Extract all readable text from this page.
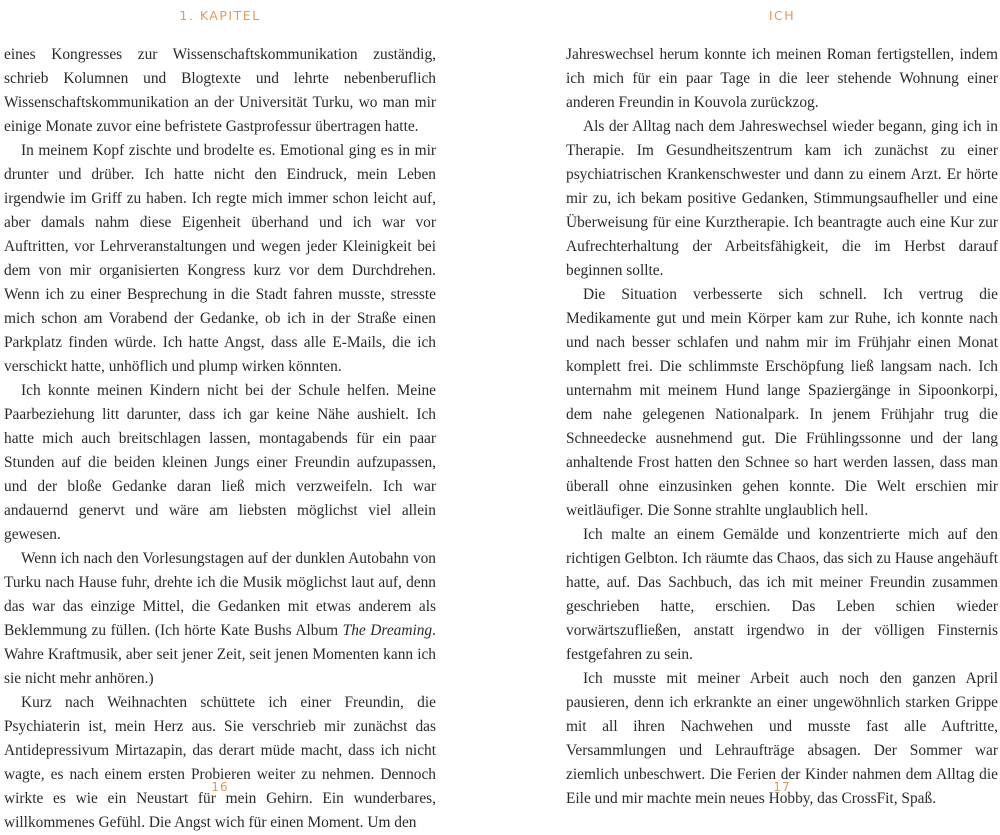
1. KAPITEL

eines Kongresses zur Wissenschaftskommunikation zuständig, schrieb Kolumnen und Blogtexte und lehrte nebenberuflich Wissenschaftskommunikation an der Universität Turku, wo man mir einige Monate zuvor eine befristete Gastprofessur übertragen hatte.

In meinem Kopf zischte und brodelte es. Emotional ging es in mir drunter und drüber. Ich hatte nicht den Eindruck, mein Leben irgendwie im Griff zu haben. Ich regte mich immer schon leicht auf, aber damals nahm diese Eigenheit überhand und ich war vor Auftritten, vor Lehrveranstaltungen und wegen jeder Kleinigkeit bei dem von mir organisierten Kongress kurz vor dem Durchdrehen. Wenn ich zu einer Besprechung in die Stadt fahren musste, stresste mich schon am Vorabend der Gedanke, ob ich in der Straße einen Parkplatz finden würde. Ich hatte Angst, dass alle E-Mails, die ich verschickt hatte, unhöflich und plump wirken könnten.

Ich konnte meinen Kindern nicht bei der Schule helfen. Meine Paarbeziehung litt darunter, dass ich gar keine Nähe aushielt. Ich hatte mich auch breitschlagen lassen, montagabends für ein paar Stunden auf die beiden kleinen Jungs einer Freundin aufzupassen, und der bloße Gedanke daran ließ mich verzweifeln. Ich war andauernd genervt und wäre am liebsten möglichst viel allein gewesen.

Wenn ich nach den Vorlesungstagen auf der dunklen Autobahn von Turku nach Hause fuhr, drehte ich die Musik möglichst laut auf, denn das war das einzige Mittel, die Gedanken mit etwas anderem als Beklemmung zu füllen. (Ich hörte Kate Bushs Album The Dreaming. Wahre Kraftmusik, aber seit jener Zeit, seit jenen Momenten kann ich sie nicht mehr anhören.)

Kurz nach Weihnachten schüttete ich einer Freundin, die Psychiaterin ist, mein Herz aus. Sie verschrieb mir zunächst das Antidepressivum Mirtazapin, das derart müde macht, dass ich nicht wagte, es nach einem ersten Probieren weiter zu nehmen. Dennoch wirkte es wie ein Neustart für mein Gehirn. Ein wunderbares, willkommenes Gefühl. Die Angst wich für einen Moment. Um den

16
ICH

Jahreswechsel herum konnte ich meinen Roman fertigstellen, indem ich mich für ein paar Tage in die leer stehende Wohnung einer anderen Freundin in Kouvola zurückzog.

Als der Alltag nach dem Jahreswechsel wieder begann, ging ich in Therapie. Im Gesundheitszentrum kam ich zunächst zu einer psychiatrischen Krankenschwester und dann zu einem Arzt. Er hörte mir zu, ich bekam positive Gedanken, Stimmungsaufheller und eine Überweisung für eine Kurztherapie. Ich beantragte auch eine Kur zur Aufrechterhaltung der Arbeitsfähigkeit, die im Herbst darauf beginnen sollte.

Die Situation verbesserte sich schnell. Ich vertrug die Medikamente gut und mein Körper kam zur Ruhe, ich konnte nach und nach besser schlafen und nahm mir im Frühjahr einen Monat komplett frei. Die schlimmste Erschöpfung ließ langsam nach. Ich unternahm mit meinem Hund lange Spaziergänge in Sipoonkorpi, dem nahe gelegenen Nationalpark. In jenem Frühjahr trug die Schneedecke ausnehmend gut. Die Frühlingssonne und der lang anhaltende Frost hatten den Schnee so hart werden lassen, dass man überall ohne einzusinken gehen konnte. Die Welt erschien mir weitläufiger. Die Sonne strahlte unglaublich hell.

Ich malte an einem Gemälde und konzentrierte mich auf den richtigen Gelbton. Ich räumte das Chaos, das sich zu Hause angehäuft hatte, auf. Das Sachbuch, das ich mit meiner Freundin zusammen geschrieben hatte, erschien. Das Leben schien wieder vorwärtszufließen, anstatt irgendwo in der völligen Finsternis festgefahren zu sein.

Ich musste mit meiner Arbeit auch noch den ganzen April pausieren, denn ich erkrankte an einer ungewöhnlich starken Grippe mit all ihren Nachwehen und musste fast alle Auftritte, Versammlungen und Lehraufträge absagen. Der Sommer war ziemlich unbeschwert. Die Ferien der Kinder nahmen dem Alltag die Eile und mir machte mein neues Hobby, das CrossFit, Spaß.

17
